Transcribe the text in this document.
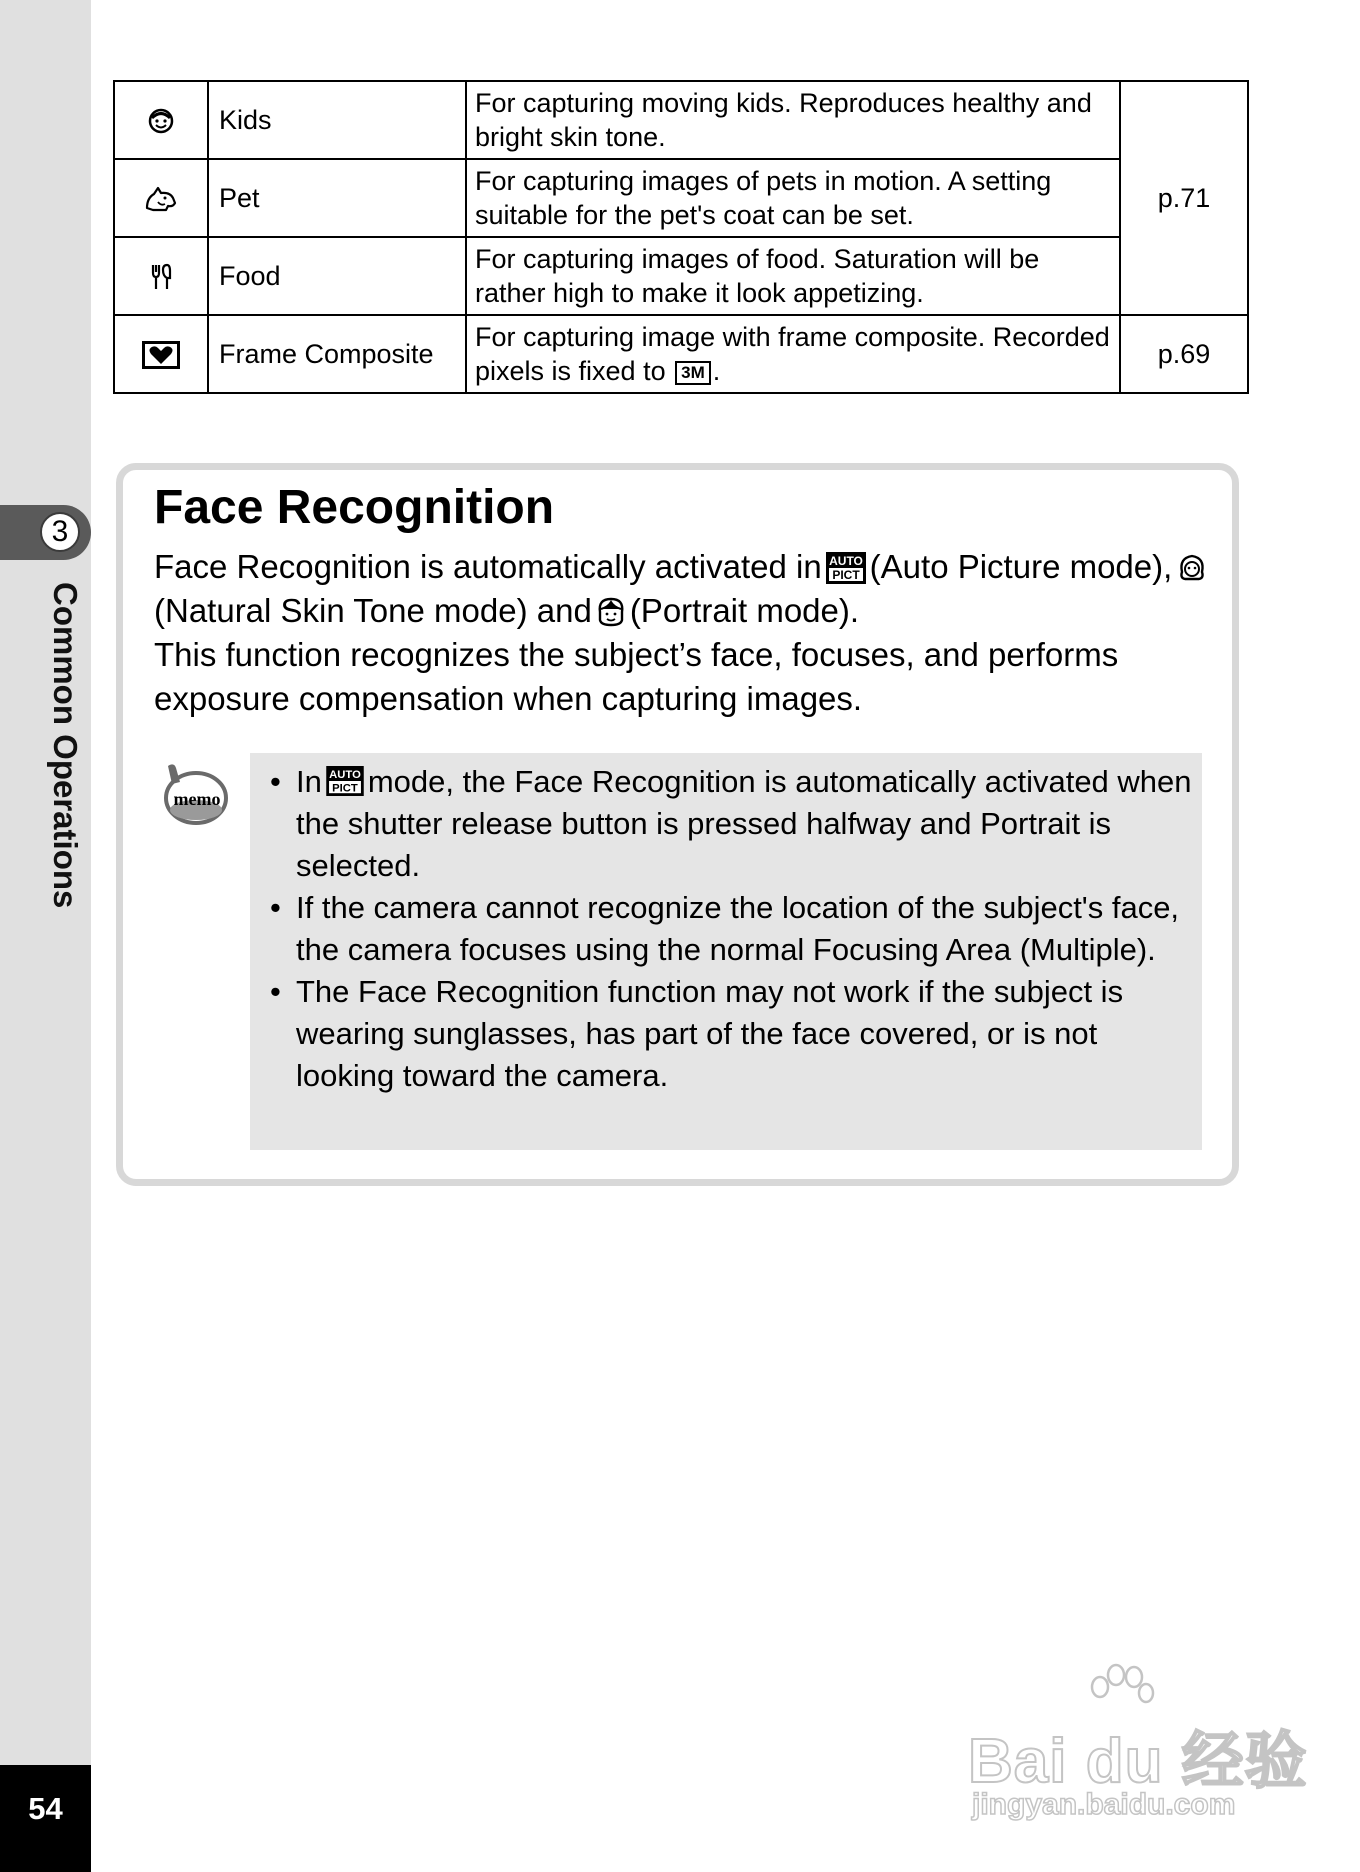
3
Common Operations
54
	Kids	For capturing moving kids. Reproduces healthy and bright skin tone.	p.71
	Pet	For capturing images of pets in motion. A setting suitable for the pet's coat can be set.	
	Food	For capturing images of food. Saturation will be rather high to make it look appetizing.	
	Frame Composite	For capturing image with frame composite. Recorded pixels is fixed to 3M .	p.69
Face Recognition
Face Recognition is automatically activated in AUTO
PICT (Auto Picture mode),(Natural Skin Tone mode) and (Portrait mode).
This function recognizes the subject’s face, focuses, and performs exposure compensation when capturing images.
memo	• In AUTO
PICT mode, the Face Recognition is automatically activated when the shutter release button is pressed halfway and Portrait is selected.
• If the camera cannot recognize the location of the subject's face, the camera focuses using the normal Focusing Area (Multiple).
• The Face Recognition function may not work if the subject is wearing sunglasses, has part of the face covered, or is not looking toward the camera.
Bai du 经验
jingyan.baidu.com
